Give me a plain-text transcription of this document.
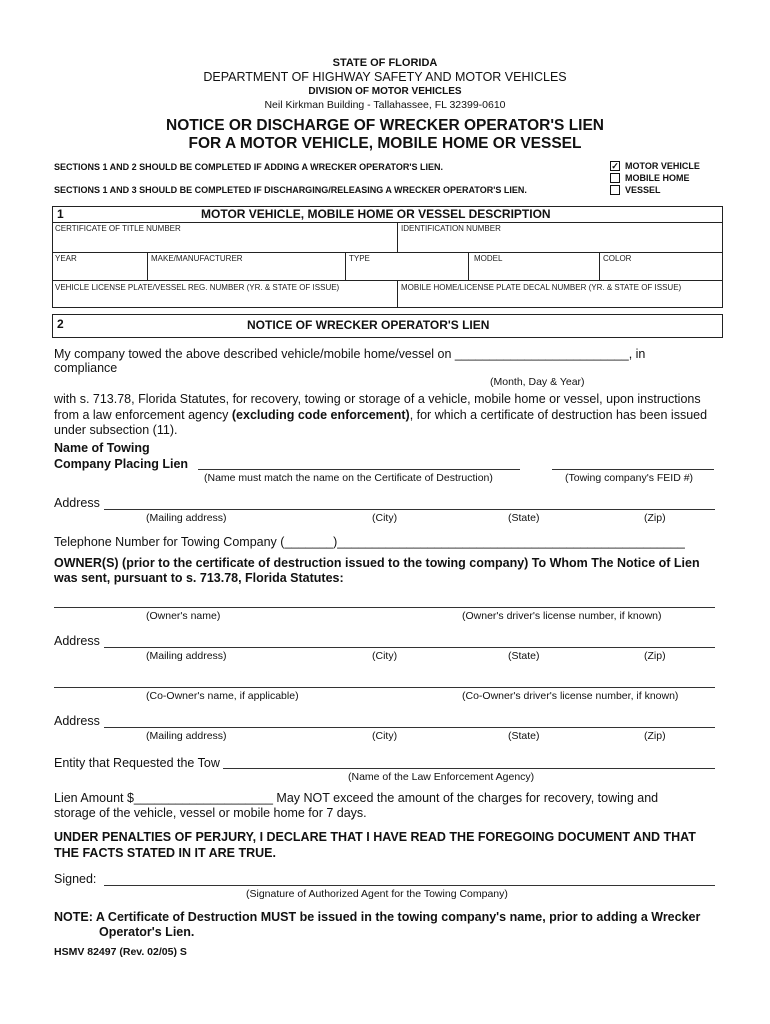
STATE OF FLORIDA
DEPARTMENT OF HIGHWAY SAFETY AND MOTOR VEHICLES
DIVISION OF MOTOR VEHICLES
Neil Kirkman Building - Tallahassee, FL 32399-0610
NOTICE OR DISCHARGE OF WRECKER OPERATOR'S LIEN
FOR A MOTOR VEHICLE, MOBILE HOME OR VESSEL
SECTIONS 1 AND 2 SHOULD BE COMPLETED IF ADDING A WRECKER OPERATOR'S LIEN.
SECTIONS 1 AND 3 SHOULD BE COMPLETED IF DISCHARGING/RELEASING A WRECKER OPERATOR'S LIEN.
✓ MOTOR VEHICLE
MOBILE HOME
VESSEL
1	MOTOR VEHICLE, MOBILE HOME OR VESSEL DESCRIPTION
CERTIFICATE OF TITLE NUMBER	IDENTIFICATION NUMBER
YEAR	MAKE/MANUFACTURER	TYPE	MODEL	COLOR
VEHICLE LICENSE PLATE/VESSEL REG. NUMBER (YR. & STATE OF ISSUE)	MOBILE HOME/LICENSE PLATE DECAL NUMBER (YR. & STATE OF ISSUE)
2	NOTICE OF WRECKER OPERATOR'S LIEN
My company towed the above described vehicle/mobile home/vessel on _________________________, in
compliance
(Month, Day & Year)
with s. 713.78, Florida Statutes, for recovery, towing or storage of a vehicle, mobile home or vessel, upon instructions
from a law enforcement agency (excluding code enforcement), for which a certificate of destruction has been issued
under subsection (11).
Name of Towing
Company Placing Lien
(Name must match the name on the Certificate of Destruction)	(Towing company's FEID #)
Address
(Mailing address)	(City)	(State)	(Zip)
Telephone Number for Towing Company (_______)__________________________________________________
OWNER(S) (prior to the certificate of destruction issued to the towing company) To Whom The Notice of Lien
was sent, pursuant to s. 713.78, Florida Statutes:
(Owner's name)	(Owner's driver's license number, if known)
Address
(Mailing address)	(City)	(State)	(Zip)
(Co-Owner's name, if applicable)	(Co-Owner's driver's license number, if known)
Address
(Mailing address)	(City)	(State)	(Zip)
Entity that Requested the Tow
(Name of the Law Enforcement Agency)
Lien Amount $____________________ May NOT exceed the amount of the charges for recovery, towing and
storage of the vehicle, vessel or mobile home for 7 days.
UNDER PENALTIES OF PERJURY, I DECLARE THAT I HAVE READ THE FOREGOING DOCUMENT AND THAT
THE FACTS STATED IN IT ARE TRUE.
Signed:
(Signature of Authorized Agent for the Towing Company)
NOTE: A Certificate of Destruction MUST be issued in the towing company's name, prior to adding a Wrecker
Operator's Lien.
HSMV 82497 (Rev. 02/05) S
